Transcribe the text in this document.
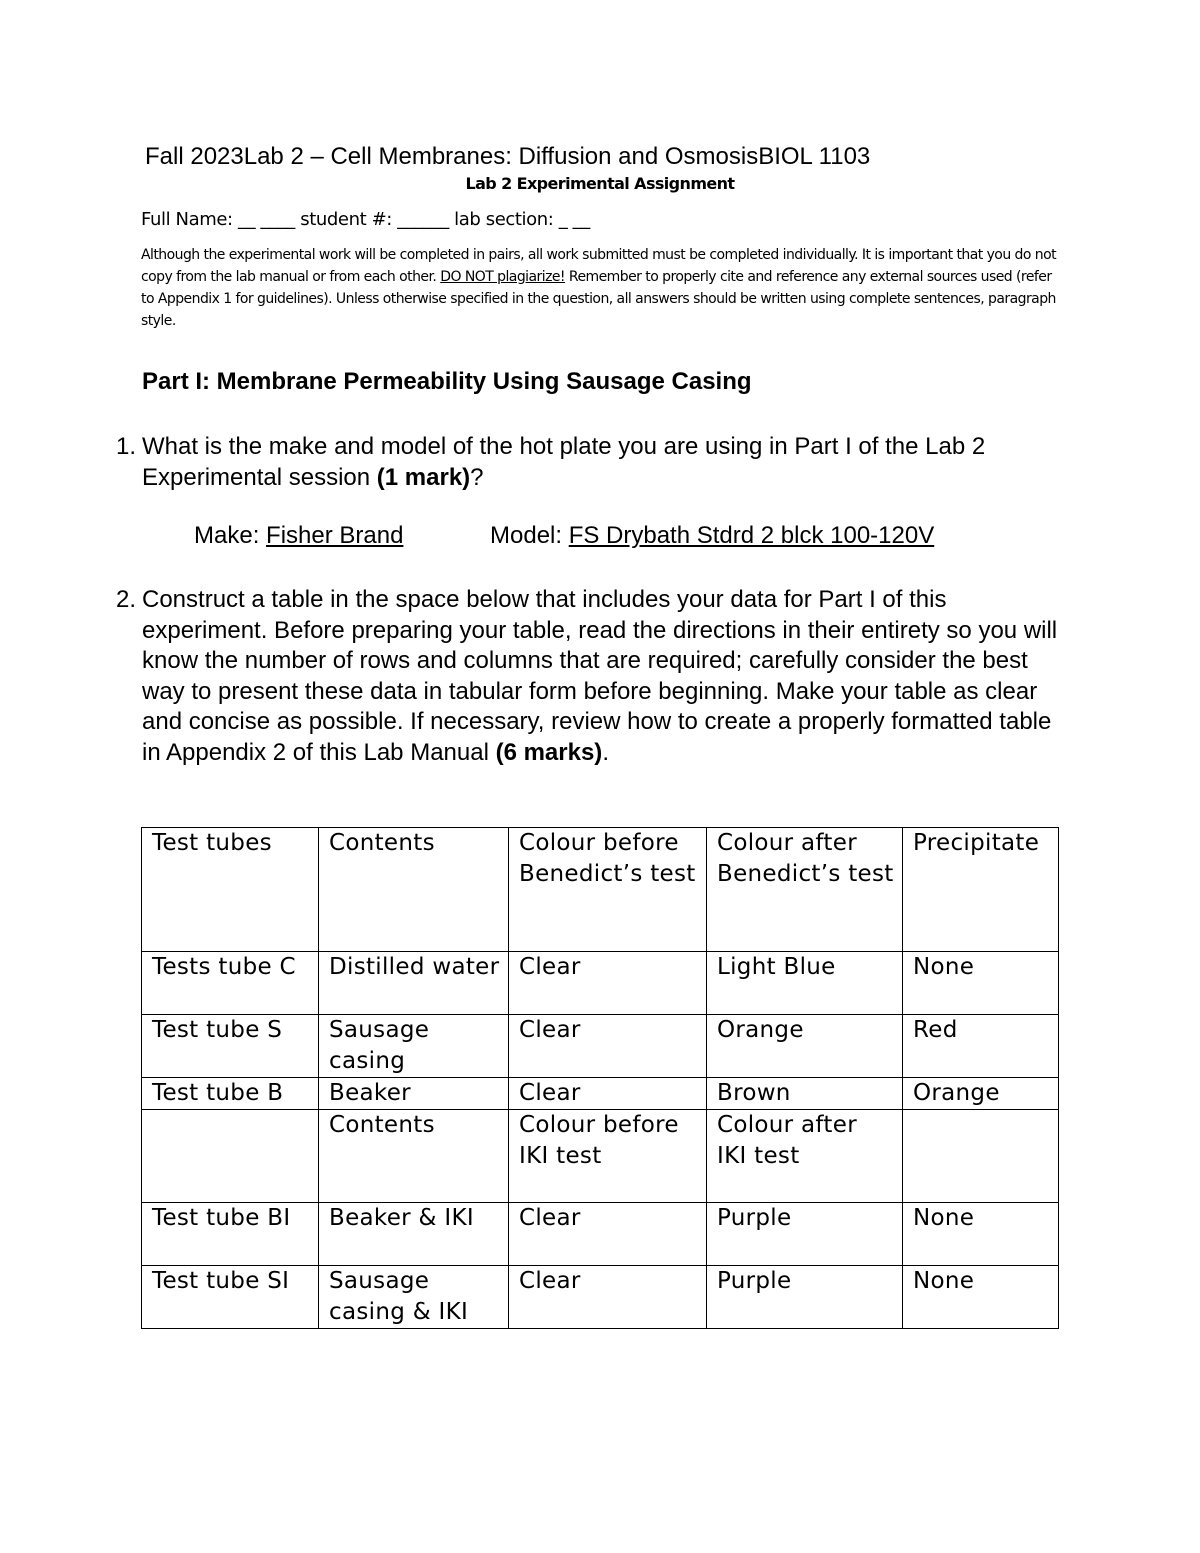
Fall 2023Lab 2 – Cell Membranes: Diffusion and OsmosisBIOL 1103
Lab 2 Experimental Assignment
Full Name: __ ____ student #: ______ lab section: _ __
Although the experimental work will be completed in pairs, all work submitted must be completed individually. It is important that you do not copy from the lab manual or from each other. DO NOT plagiarize! Remember to properly cite and reference any external sources used (refer to Appendix 1 for guidelines). Unless otherwise specified in the question, all answers should be written using complete sentences, paragraph style.
Part I: Membrane Permeability Using Sausage Casing
1. What is the make and model of the hot plate you are using in Part I of the Lab 2 Experimental session (1 mark)?
Make: Fisher Brand	Model: FS Drybath Stdrd 2 blck 100-120V
2. Construct a table in the space below that includes your data for Part I of this experiment. Before preparing your table, read the directions in their entirety so you will know the number of rows and columns that are required; carefully consider the best way to present these data in tabular form before beginning. Make your table as clear and concise as possible. If necessary, review how to create a properly formatted table in Appendix 2 of this Lab Manual (6 marks).
Test tubes	Contents	Colour before Benedict’s test	Colour after Benedict’s test	Precipitate
Tests tube C	Distilled water	Clear	Light Blue	None
Test tube S	Sausage casing	Clear	Orange	Red
Test tube B	Beaker	Clear	Brown	Orange
	Contents	Colour before IKI test	Colour after IKI test	
Test tube BI	Beaker & IKI	Clear	Purple	None
Test tube SI	Sausage casing & IKI	Clear	Purple	None
